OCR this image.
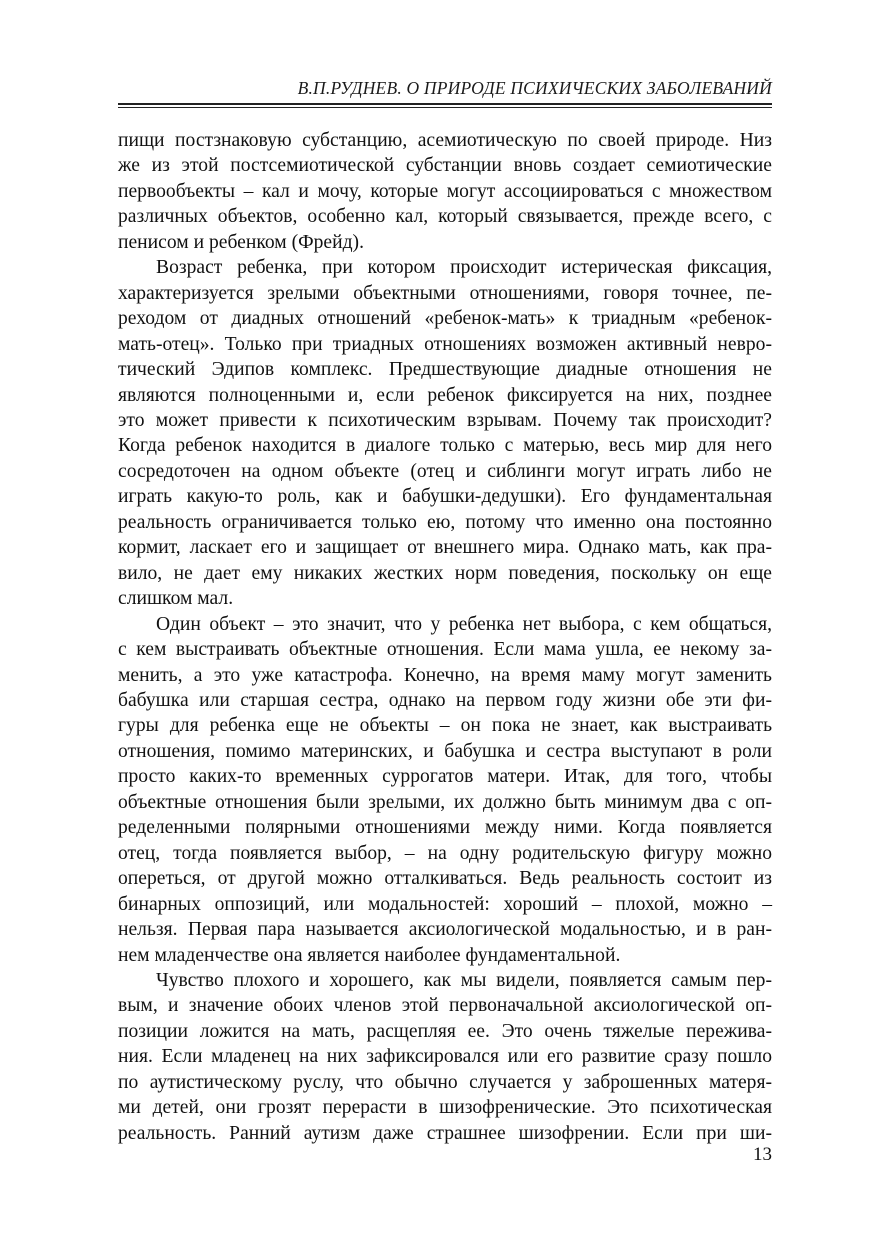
В.П.РУДНЕВ. О ПРИРОДЕ ПСИХИЧЕСКИХ ЗАБОЛЕВАНИЙ

пищи постзнаковую субстанцию, асемиотическую по своей природе. Низ
же из этой постсемиотической субстанции вновь создает семиотические
первообъекты – кал и мочу, которые могут ассоциироваться с множеством
различных объектов, особенно кал, который связывается, прежде всего, с
пенисом и ребенком (Фрейд).

Возраст ребенка, при котором происходит истерическая фиксация,
характеризуется зрелыми объектными отношениями, говоря точнее, пе-
реходом от диадных отношений «ребенок-мать» к триадным «ребенок-
мать-отец». Только при триадных отношениях возможен активный невро-
тический Эдипов комплекс. Предшествующие диадные отношения не
являются полноценными и, если ребенок фиксируется на них, позднее
это может привести к психотическим взрывам. Почему так происходит?
Когда ребенок находится в диалоге только с матерью, весь мир для него
сосредоточен на одном объекте (отец и сиблинги могут играть либо не
играть какую-то роль, как и бабушки-дедушки). Его фундаментальная
реальность ограничивается только ею, потому что именно она постоянно
кормит, ласкает его и защищает от внешнего мира. Однако мать, как пра-
вило, не дает ему никаких жестких норм поведения, поскольку он еще
слишком мал.

Один объект – это значит, что у ребенка нет выбора, с кем общаться,
с кем выстраивать объектные отношения. Если мама ушла, ее некому за-
менить, а это уже катастрофа. Конечно, на время маму могут заменить
бабушка или старшая сестра, однако на первом году жизни обе эти фи-
гуры для ребенка еще не объекты – он пока не знает, как выстраивать
отношения, помимо материнских, и бабушка и сестра выступают в роли
просто каких-то временных суррогатов матери. Итак, для того, чтобы
объектные отношения были зрелыми, их должно быть минимум два с оп-
ределенными полярными отношениями между ними. Когда появляется
отец, тогда появляется выбор, – на одну родительскую фигуру можно
опереться, от другой можно отталкиваться. Ведь реальность состоит из
бинарных оппозиций, или модальностей: хороший – плохой, можно –
нельзя. Первая пара называется аксиологической модальностью, и в ран-
нем младенчестве она является наиболее фундаментальной.

Чувство плохого и хорошего, как мы видели, появляется самым пер-
вым, и значение обоих членов этой первоначальной аксиологической оп-
позиции ложится на мать, расщепляя ее. Это очень тяжелые пережива-
ния. Если младенец на них зафиксировался или его развитие сразу пошло
по аутистическому руслу, что обычно случается у заброшенных матеря-
ми детей, они грозят перерасти в шизофренические. Это психотическая
реальность. Ранний аутизм даже страшнее шизофрении. Если при ши-

13
